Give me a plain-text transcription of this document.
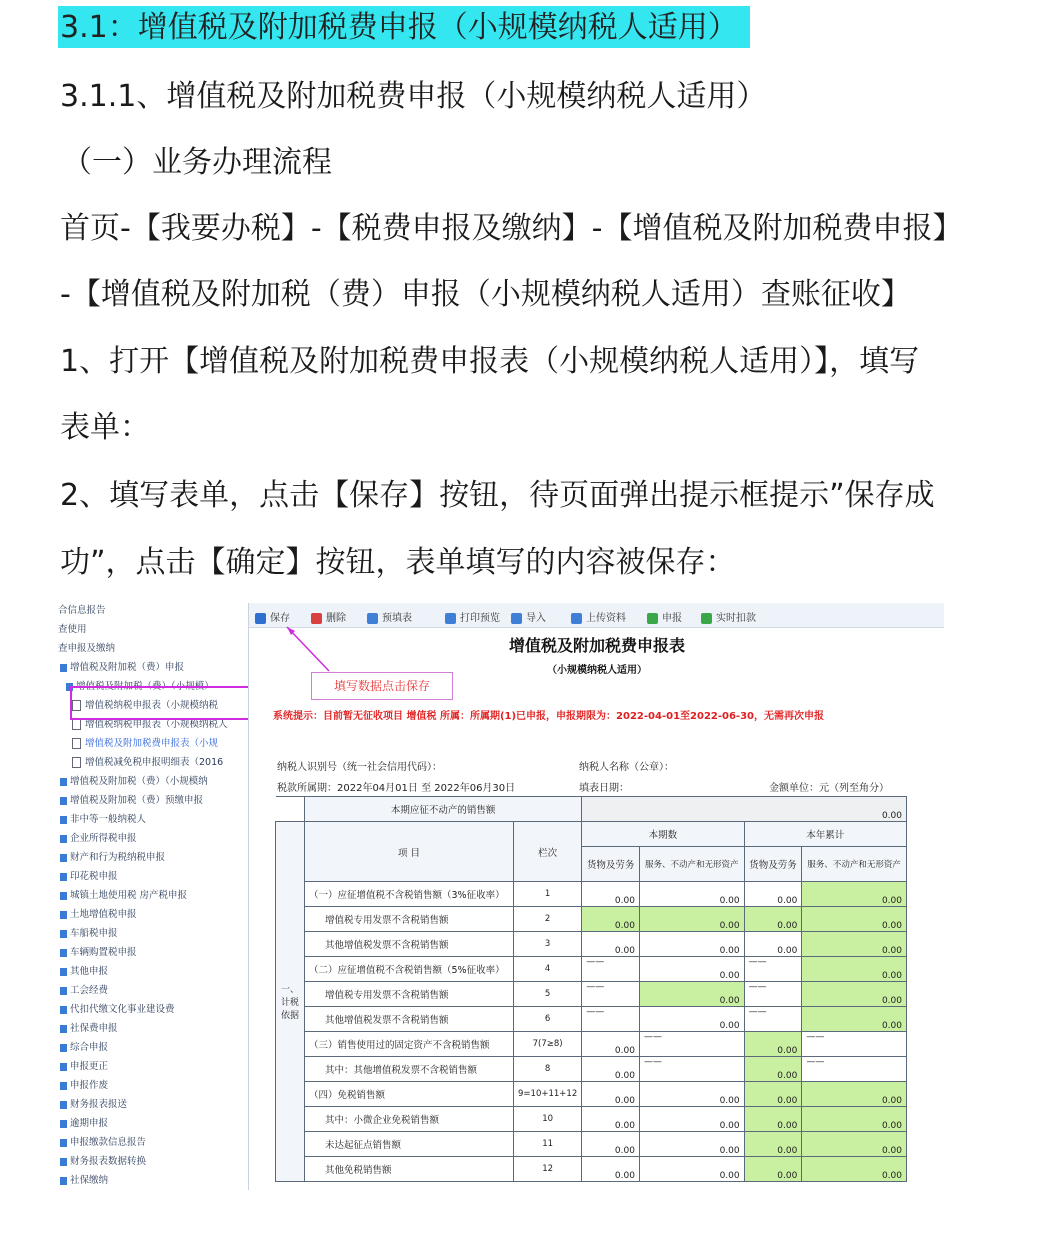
3.1：增值税及附加税费申报（小规模纳税人适用）
3.1.1、增值税及附加税费申报（小规模纳税人适用）
（一）业务办理流程
首页-【我要办税】-【税费申报及缴纳】-【增值税及附加税费申报】
-【增值税及附加税（费）申报（小规模纳税人适用）查账征收】
1、打开【增值税及附加税费申报表（小规模纳税人适用）】，填写
表单：
2、填写表单，点击【保存】按钮，待页面弹出提示框提示”保存成
功”，点击【确定】按钮，表单填写的内容被保存：
合信息报告
查使用
查申报及缴纳
增值税及附加税（费）申报
增值税及附加税（费）（小规模）
增值税纳税申报表（小规模纳税
增值税纳税申报表（小规模纳税人
增值税及附加税费申报表（小规
增值税减免税申报明细表（2016
增值税及附加税（费）（小规模纳
增值税及附加税（费）预缴申报
非中等一般纳税人
企业所得税申报
财产和行为税纳税申报
印花税申报
城镇土地使用税 房产税申报
土地增值税申报
车船税申报
车辆购置税申报
其他申报
工会经费
代扣代缴文化事业建设费
社保费申报
综合申报
申报更正
申报作废
财务报表报送
逾期申报
申报缴款信息报告
财务报表数据转换
社保缴纳
保存	删除	预填表	打印预览	导入	上传资料	申报	实时扣款
增值税及附加税费申报表
（小规模纳税人适用）
填写数据点击保存
系统提示：目前暂无征收项目 增值税 所属：所属期(1)已申报，申报期限为：2022-04-01至2022-06-30，无需再次申报
纳税人识别号（统一社会信用代码）：	纳税人名称（公章）：
税款所属期：2022年04月01日 至 2022年06月30日	填表日期：	金额单位：元（列至角分）
	本期应征不动产的销售额		0.00			
一、计税依据	项 目	栏次	本期数		本年累计	
			货物及劳务	服务、不动产和无形资产	货物及劳务	服务、不动产和无形资产
	（一）应征增值税不含税销售额（3%征收率）	1	0.00	0.00	0.00	0.00
	增值税专用发票不含税销售额	2	0.00	0.00	0.00	0.00
	其他增值税发票不含税销售额	3	0.00	0.00	0.00	0.00
	（二）应征增值税不含税销售额（5%征收率）	4	——	0.00	——	0.00
	增值税专用发票不含税销售额	5	——	0.00	——	0.00
	其他增值税发票不含税销售额	6	——	0.00	——	0.00
	（三）销售使用过的固定资产不含税销售额	7(7≥8)	0.00	——	0.00	——
	其中：其他增值税发票不含税销售额	8	0.00	——	0.00	——
	（四）免税销售额	9=10+11+12	0.00	0.00	0.00	0.00
	其中：小微企业免税销售额	10	0.00	0.00	0.00	0.00
	未达起征点销售额	11	0.00	0.00	0.00	0.00
	其他免税销售额	12	0.00	0.00	0.00	0.00
